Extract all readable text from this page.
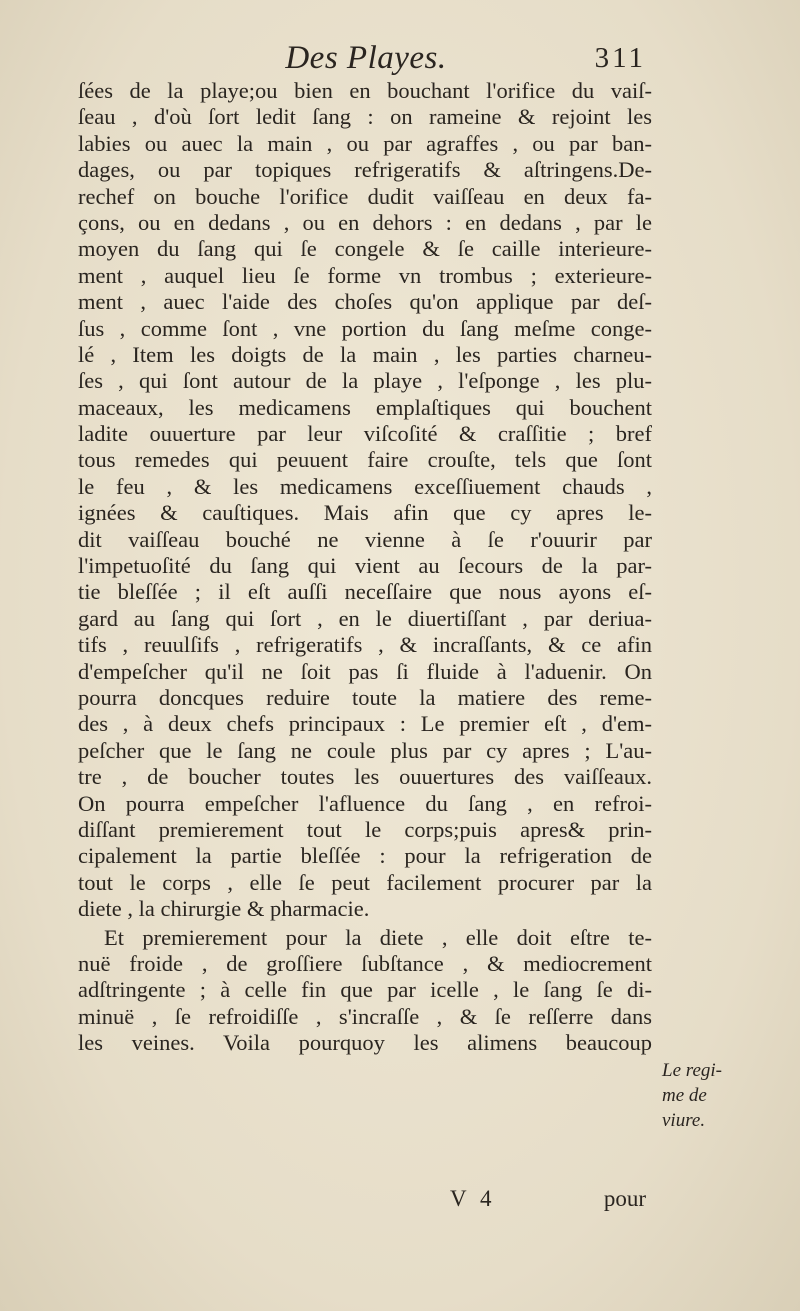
Des Playes.	311
ſées de la playe;ou bien en bouchant l'orifice du vaiſ-
ſeau , d'où ſort ledit ſang : on rameine & rejoint les
labies ou auec la main , ou par agraffes , ou par ban-
dages, ou par topiques refrigeratifs & aſtringens.De-
rechef on bouche l'orifice dudit vaiſſeau en deux fa-
çons, ou en dedans , ou en dehors : en dedans , par le
moyen du ſang qui ſe congele & ſe caille interieure-
ment , auquel lieu ſe forme vn trombus ; exterieure-
ment , auec l'aide des choſes qu'on applique par deſ-
ſus , comme ſont , vne portion du ſang meſme conge-
lé , Item les doigts de la main , les parties charneu-
ſes , qui ſont autour de la playe , l'eſponge , les plu-
maceaux, les medicamens emplaſtiques qui bouchent
ladite ouuerture par leur viſcoſité & craſſitie ; bref
tous remedes qui peuuent faire crouſte, tels que ſont
le feu , & les medicamens exceſſiuement chauds ,
ignées & cauſtiques. Mais afin que cy apres le-
dit vaiſſeau bouché ne vienne à ſe r'ouurir par
l'impetuoſité du ſang qui vient au ſecours de la par-
tie bleſſée ; il eſt auſſi neceſſaire que nous ayons eſ-
gard au ſang qui ſort , en le diuertiſſant , par deriua-
tifs , reuulſifs , refrigeratifs , & incraſſants, & ce afin
d'empeſcher qu'il ne ſoit pas ſi fluide à l'aduenir. On
pourra doncques reduire toute la matiere des reme-
des , à deux chefs principaux : Le premier eſt , d'em-
peſcher que le ſang ne coule plus par cy apres ; L'au-
tre , de boucher toutes les ouuertures des vaiſſeaux.
On pourra empeſcher l'afluence du ſang , en refroi-
diſſant premierement tout le corps;puis apres& prin-
cipalement la partie bleſſée : pour la refrigeration de
tout le corps , elle ſe peut facilement procurer par la
diete , la chirurgie & pharmacie.
Et premierement pour la diete , elle doit eſtre te-
nuë froide , de groſſiere ſubſtance , & mediocrement
adſtringente ; à celle fin que par icelle , le ſang ſe di-
minuë , ſe refroidiſſe , s'incraſſe , & ſe reſſerre dans
les veines. Voila pourquoy les alimens beaucoup
Le regi-
me de
viure.
V 4	pour
